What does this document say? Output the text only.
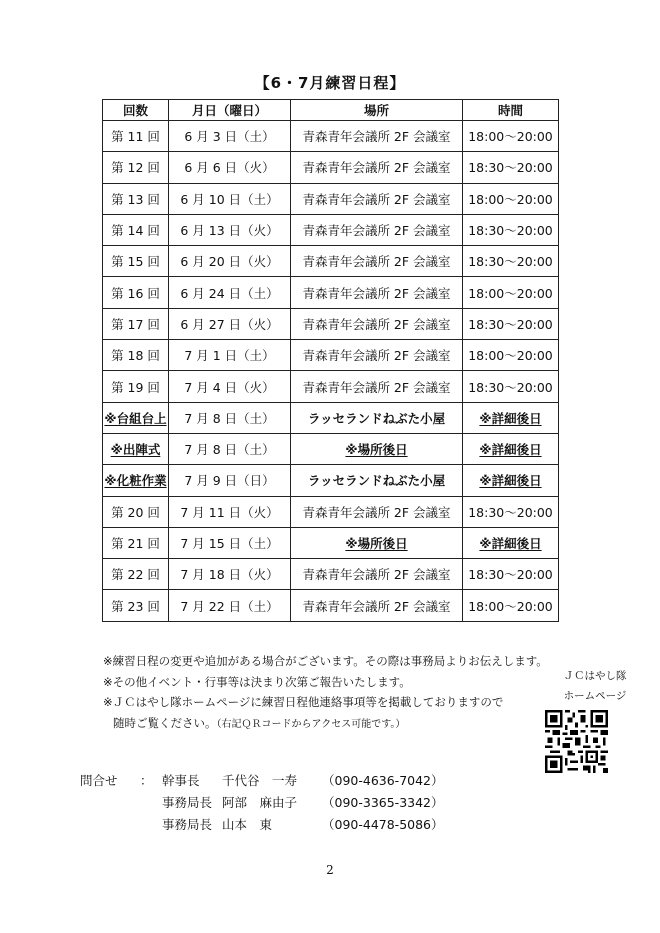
【6・7月練習日程】
回数	月日（曜日）	場所	時間
第 11 回	6 月 3 日（土）	青森青年会議所 2F 会議室	18:00〜20:00
第 12 回	6 月 6 日（火）	青森青年会議所 2F 会議室	18:30〜20:00
第 13 回	6 月 10 日（土）	青森青年会議所 2F 会議室	18:00〜20:00
第 14 回	6 月 13 日（火）	青森青年会議所 2F 会議室	18:30〜20:00
第 15 回	6 月 20 日（火）	青森青年会議所 2F 会議室	18:30〜20:00
第 16 回	6 月 24 日（土）	青森青年会議所 2F 会議室	18:00〜20:00
第 17 回	6 月 27 日（火）	青森青年会議所 2F 会議室	18:30〜20:00
第 18 回	7 月 1 日（土）	青森青年会議所 2F 会議室	18:00〜20:00
第 19 回	7 月 4 日（火）	青森青年会議所 2F 会議室	18:30〜20:00
※台組台上	7 月 8 日（土）	ラッセランドねぶた小屋	※詳細後日
※出陣式	7 月 8 日（土）	※場所後日	※詳細後日
※化粧作業	7 月 9 日（日）	ラッセランドねぶた小屋	※詳細後日
第 20 回	7 月 11 日（火）	青森青年会議所 2F 会議室	18:30〜20:00
第 21 回	7 月 15 日（土）	※場所後日	※詳細後日
第 22 回	7 月 18 日（火）	青森青年会議所 2F 会議室	18:30〜20:00
第 23 回	7 月 22 日（土）	青森青年会議所 2F 会議室	18:00〜20:00
※練習日程の変更や追加がある場合がございます。その際は事務局よりお伝えします。
※その他イベント・行事等は決まり次第ご報告いたします。
※ＪＣはやし隊ホームページに練習日程他連絡事項等を掲載しておりますので
随時ご覧ください。（右記ＱＲコードからアクセス可能です。）
ＪＣはやし隊
ホームページ
問合せ	： 幹事長	千代谷　一寿	（090-4636-7042）
事務局長 阿部　麻由子	（090-3365-3342）
事務局長 山本　東	（090-4478-5086）
2
